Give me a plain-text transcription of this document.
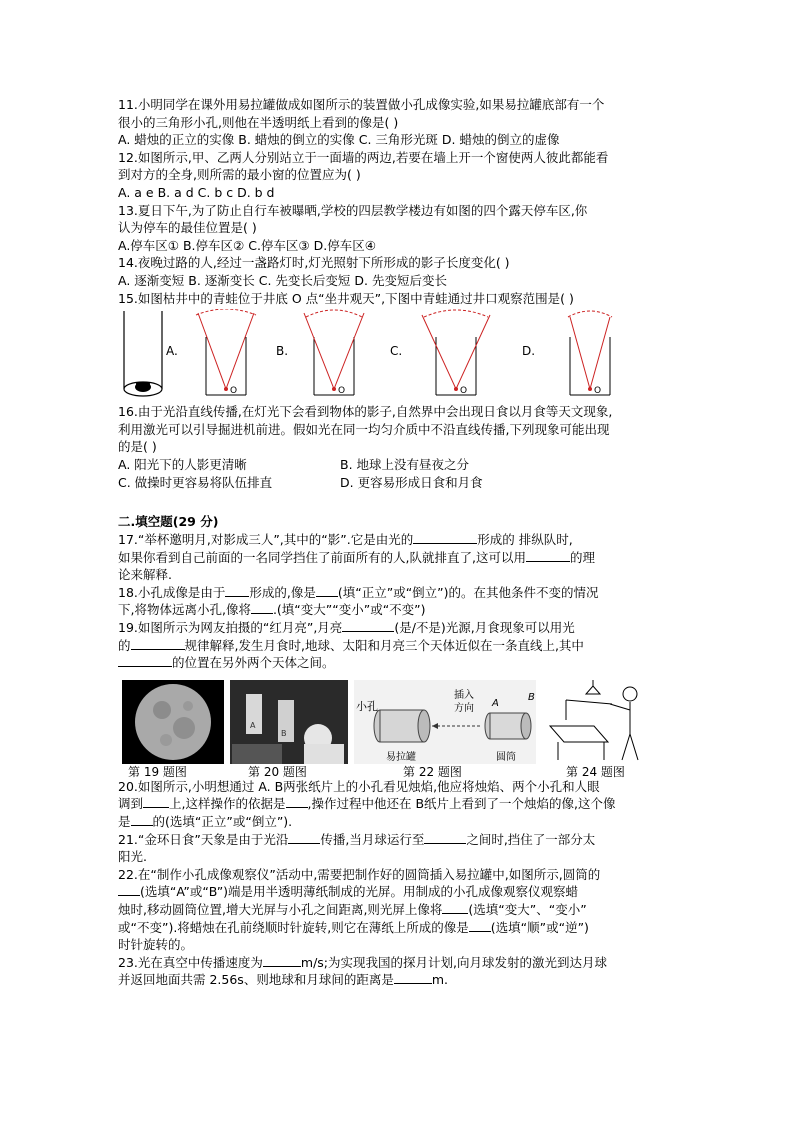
11.小明同学在课外用易拉罐做成如图所示的装置做小孔成像实验,如果易拉罐底部有一个
很小的三角形小孔,则他在半透明纸上看到的像是( )
A. 蜡烛的正立的实像 B. 蜡烛的倒立的实像 C. 三角形光斑 D. 蜡烛的倒立的虚像
12.如图所示,甲、乙两人分别站立于一面墙的两边,若要在墙上开一个窗使两人彼此都能看
到对方的全身,则所需的最小窗的位置应为( )
A. a e B. a d C. b c D. b d
13.夏日下午,为了防止自行车被曝晒,学校的四层教学楼边有如图的四个露天停车区,你
认为停车的最佳位置是( )
A.停车区① B.停车区② C.停车区③ D.停车区④
14.夜晚过路的人,经过一盏路灯时,灯光照射下所形成的影子长度变化( )
A. 逐渐变短 B. 逐渐变长 C. 先变长后变短 D. 先变短后变长
15.如图枯井中的青蛙位于井底 O 点“坐井观天”,下图中青蛙通过井口观察范围是( )
A.
O
B.
O
C.
O
D.
O
16.由于光沿直线传播,在灯光下会看到物体的影子,自然界中会出现日食以月食等天文现象,
利用激光可以引导掘进机前进。假如光在同一均匀介质中不沿直线传播,下列现象可能出现
的是( )
A. 阳光下的人影更清晰	B. 地球上没有昼夜之分
C. 做操时更容易将队伍排直	D. 更容易形成日食和月食
二.填空题(29 分)
17.“举杯邀明月,对影成三人”,其中的“影”.它是由光的	形成的 排纵队时,
如果你看到自己前面的一名同学挡住了前面所有的人,队就排直了,这可以用	的理
论来解释.
18.小孔成像是由于 形成的,像是 (填“正立”或“倒立”)的。在其他条件不变的情况
下,将物体远离小孔,像将 .(填“变大”“变小”或“不变”)
19.如图所示为网友拍摄的“红月亮”,月亮	(是/不是)光源,月食现象可以用光
的	规律解释,发生月食时,地球、太阳和月亮三个天体近似在一条直线上,其中
的位置在另外两个天体之间。
A
B
小孔
插入
方向 A
B
易拉罐	圆筒
第 19 题图	第 20 题图	第 22 题图	第 24 题图
20.如图所示,小明想通过 A. B两张纸片上的小孔看见烛焰,他应将烛焰、两个小孔和人眼
调到 上,这样操作的依据是 ,操作过程中他还在 B纸片上看到了一个烛焰的像,这个像
是 的(选填“正立”或“倒立”).
21.“金环日食”天象是由于光沿	传播,当月球运行至	之间时,挡住了一部分太
阳光.
22.在“制作小孔成像观察仪”活动中,需要把制作好的圆筒插入易拉罐中,如图所示,圆筒的
(选填“A”或“B”)端是用半透明薄纸制成的光屏。用制成的小孔成像观察仪观察蜡
烛时,移动圆筒位置,增大光屏与小孔之间距离,则光屏上像将 (选填“变大”、“变小”
或“不变”).将蜡烛在孔前绕顺时针旋转,则它在薄纸上所成的像是 (选填“顺”或“逆”)
时针旋转的。
23.光在真空中传播速度为	m/s;为实现我国的探月计划,向月球发射的激光到达月球
并返回地面共需 2.56s、则地球和月球间的距离是	m.
